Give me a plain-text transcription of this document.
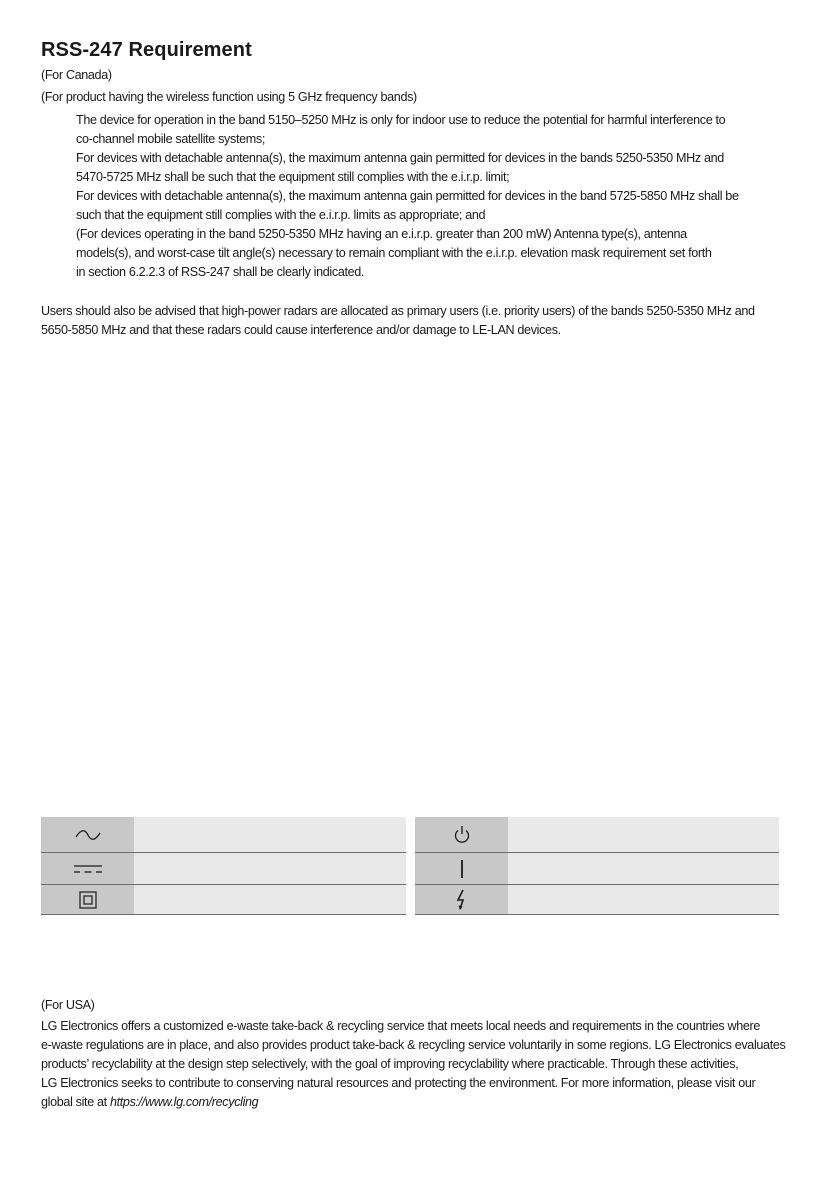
RSS-247 Requirement
(For Canada)
(For product having the wireless function using 5 GHz frequency bands)
The device for operation in the band 5150–5250 MHz is only for indoor use to reduce the potential for harmful interference to
co-channel mobile satellite systems;
For devices with detachable antenna(s), the maximum antenna gain permitted for devices in the bands 5250-5350 MHz and
5470-5725 MHz shall be such that the equipment still complies with the e.i.r.p. limit;
For devices with detachable antenna(s), the maximum antenna gain permitted for devices in the band 5725-5850 MHz shall be
such that the equipment still complies with the e.i.r.p. limits as appropriate; and
(For devices operating in the band 5250-5350 MHz having an e.i.r.p. greater than 200 mW) Antenna type(s), antenna
models(s), and worst-case tilt angle(s) necessary to remain compliant with the e.i.r.p. elevation mask requirement set forth
in section 6.2.2.3 of RSS-247 shall be clearly indicated.
Users should also be advised that high-power radars are allocated as primary users (i.e. priority users) of the bands 5250-5350 MHz and
5650-5850 MHz and that these radars could cause interference and/or damage to LE-LAN devices.

(For USA)
LG Electronics offers a customized e-waste take-back & recycling service that meets local needs and requirements in the countries where
e-waste regulations are in place, and also provides product take-back & recycling service voluntarily in some regions. LG Electronics evaluates
products’ recyclability at the design step selectively, with the goal of improving recyclability where practicable. Through these activities,
LG Electronics seeks to contribute to conserving natural resources and protecting the environment. For more information, please visit our
global site at https://www.lg.com/recycling
